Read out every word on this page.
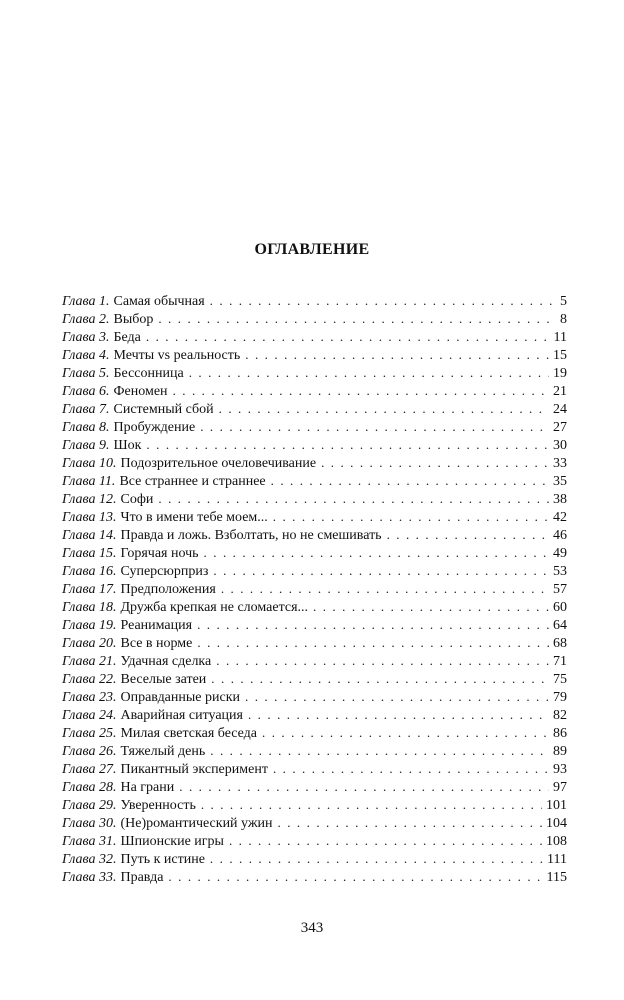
ОГЛАВЛЕНИЕ
Глава 1. Самая обычная . . .	5
Глава 2. Выбор . . .	8
Глава 3. Беда . . .	11
Глава 4. Мечты vs реальность . . .	15
Глава 5. Бессонница . . .	19
Глава 6. Феномен . . .	21
Глава 7. Системный сбой . . .	24
Глава 8. Пробуждение . . .	27
Глава 9. Шок . . .	30
Глава 10. Подозрительное очеловечивание . . .	33
Глава 11. Все страннее и страннее . . .	35
Глава 12. Софи . . .	38
Глава 13. Что в имени тебе моем... . . .	42
Глава 14. Правда и ложь. Взболтать, но не смешивать . . .	46
Глава 15. Горячая ночь . . .	49
Глава 16. Суперсюрприз . . .	53
Глава 17. Предположения . . .	57
Глава 18. Дружба крепкая не сломается... . . .	60
Глава 19. Реанимация . . .	64
Глава 20. Все в норме . . .	68
Глава 21. Удачная сделка . . .	71
Глава 22. Веселые затеи . . .	75
Глава 23. Оправданные риски . . .	79
Глава 24. Аварийная ситуация . . .	82
Глава 25. Милая светская беседа . . .	86
Глава 26. Тяжелый день . . .	89
Глава 27. Пикантный эксперимент . . .	93
Глава 28. На грани . . .	97
Глава 29. Уверенность . . .	101
Глава 30. (Не)романтический ужин . . .	104
Глава 31. Шпионские игры . . .	108
Глава 32. Путь к истине . . .	111
Глава 33. Правда . . .	115
343
